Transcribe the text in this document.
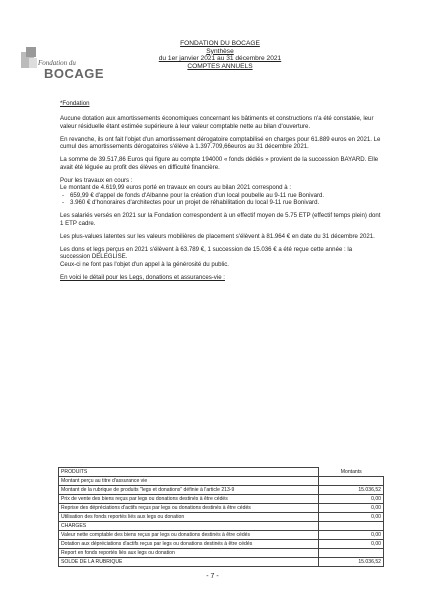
Fondation du
BOCAGE
FONDATION DU BOCAGE
Synthèse
du 1er janvier 2021 au 31 décembre 2021
COMPTES ANNUELS

*Fondation

Aucune dotation aux amortissements économiques concernant les bâtiments et constructions n'a été constatée, leur valeur résiduelle étant estimée supérieure à leur valeur comptable nette au bilan d'ouverture.

En revanche, ils ont fait l'objet d'un amortissement dérogatoire comptabilisé en charges pour 61.889 euros en 2021. Le cumul des amortissements dérogatoires s'élève à 1.397.709,66euros au 31 décembre 2021.

La somme de 39.517,86 Euros qui figure au compte 194000 « fonds dédiés » provient de la succession BAYARD. Elle avait été léguée au profit des élèves en difficulté financière.

Pour les travaux en cours :

Le montant de 4.619,99 euros porté en travaux en cours au bilan 2021 correspond à :

- 659,99 € d'appel de fonds d'Albanne pour la création d'un local poubelle au 9-11 rue Bonivard.
- 3.960 € d'honoraires d'architectes pour un projet de réhabilitation du local 9-11 rue Bonivard.

Les salariés versés en 2021 sur la Fondation correspondent à un effectif moyen de 5.75 ETP (effectif temps plein) dont 1 ETP cadre.

Les plus-values latentes sur les valeurs mobilières de placement s'élèvent à 81.964 € en date du 31 décembre 2021.

Les dons et legs perçus en 2021 s'élèvent à 63.789 €, 1 succession de 15.036 € a été reçue cette année : la succession DELEGLISE.

Ceux-ci ne font pas l'objet d'un appel à la générosité du public.

En voici le détail pour les Legs, donations et assurances-vie :

PRODUITS	Montants
Montant perçu au titre d'assurance vie	
Montant de la rubrique de produits "legs et donations" définie à l'article 213-9	15.036,52
Prix de vente des biens reçus par legs ou donations destinés à être cédés	0,00
Reprise des dépréciations d'actifs reçus par legs ou donations destinés à être cédés	0,00
Utilisation des fonds reportés liés aux legs ou donation	0,00
CHARGES	
Valeur nette comptable des biens reçus par legs ou donations destinés à être cédés	0,00
Dotation aux dépréciations d'actifs reçus par legs ou donations destinés à être cédés	0,00
Report en fonds reportés liés aux legs ou donation	
SOLDE DE LA RUBRIQUE	15.036,52
- 7 -
